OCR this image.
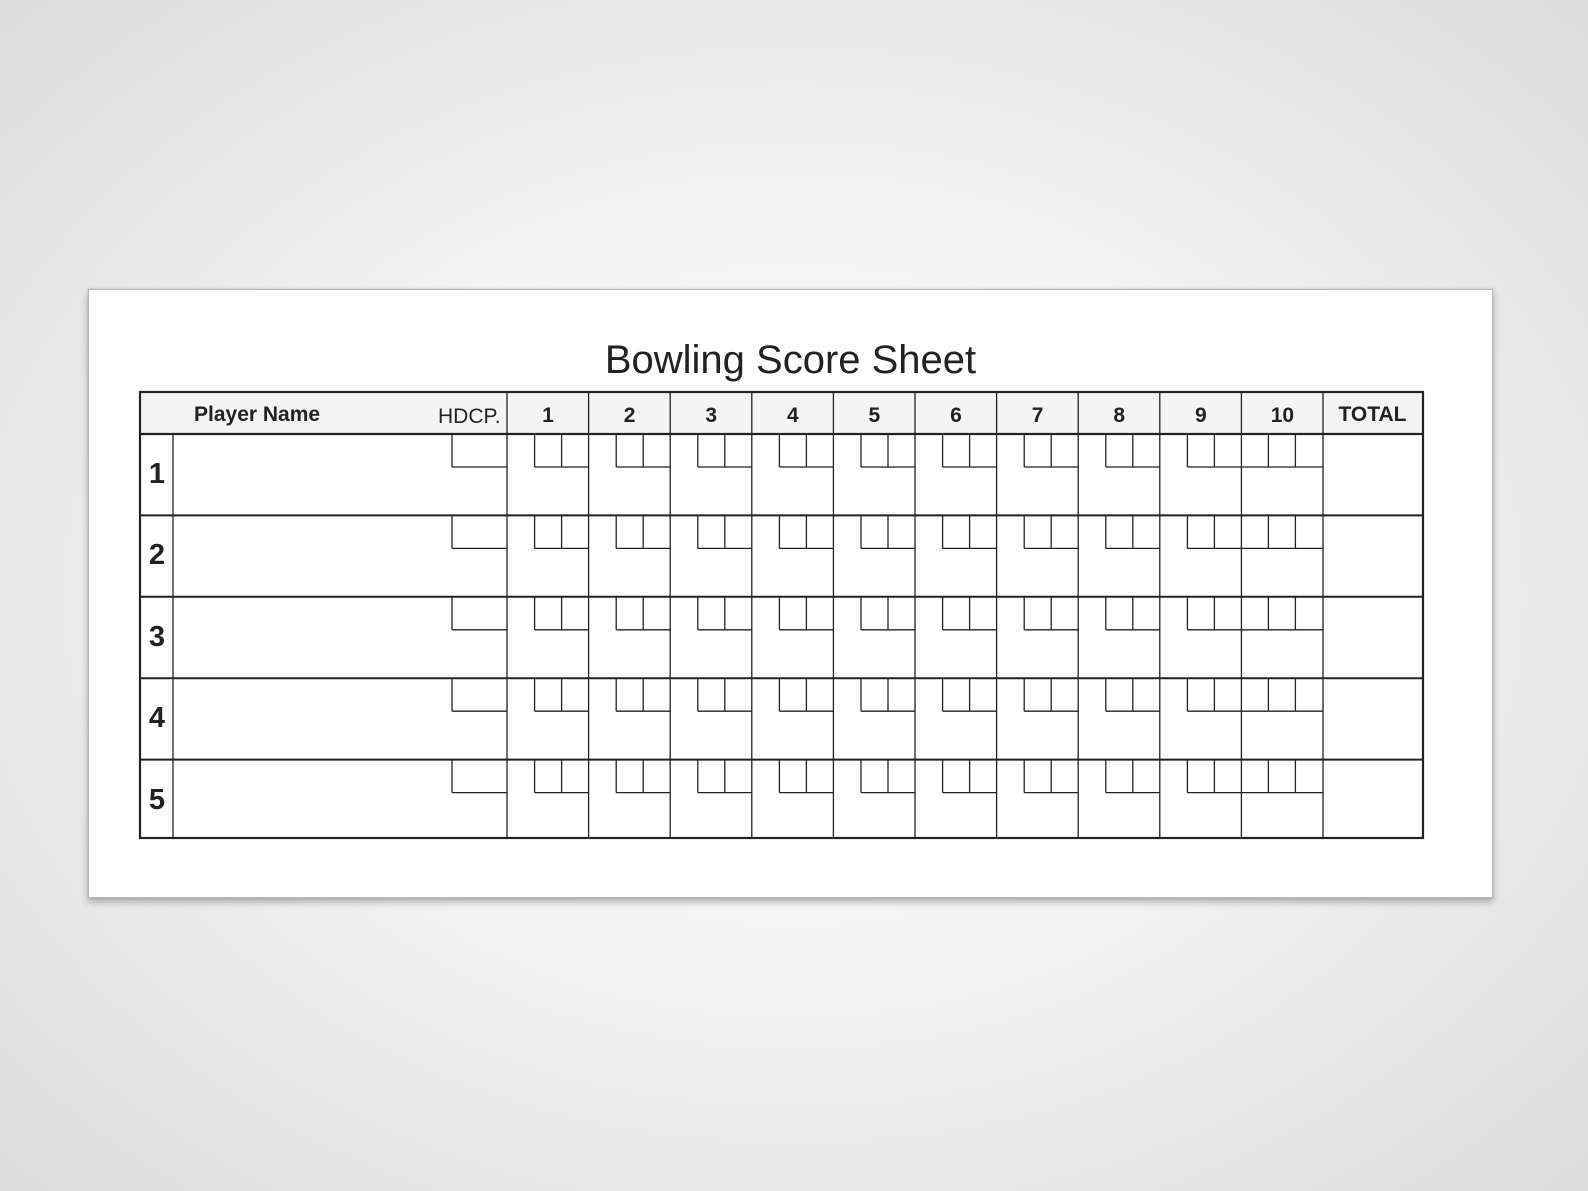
Bowling Score Sheet
Player Name	HDCP.	1	2	3	4	5	6	7	8	9	10	TOTAL
1
2
3
4
5
